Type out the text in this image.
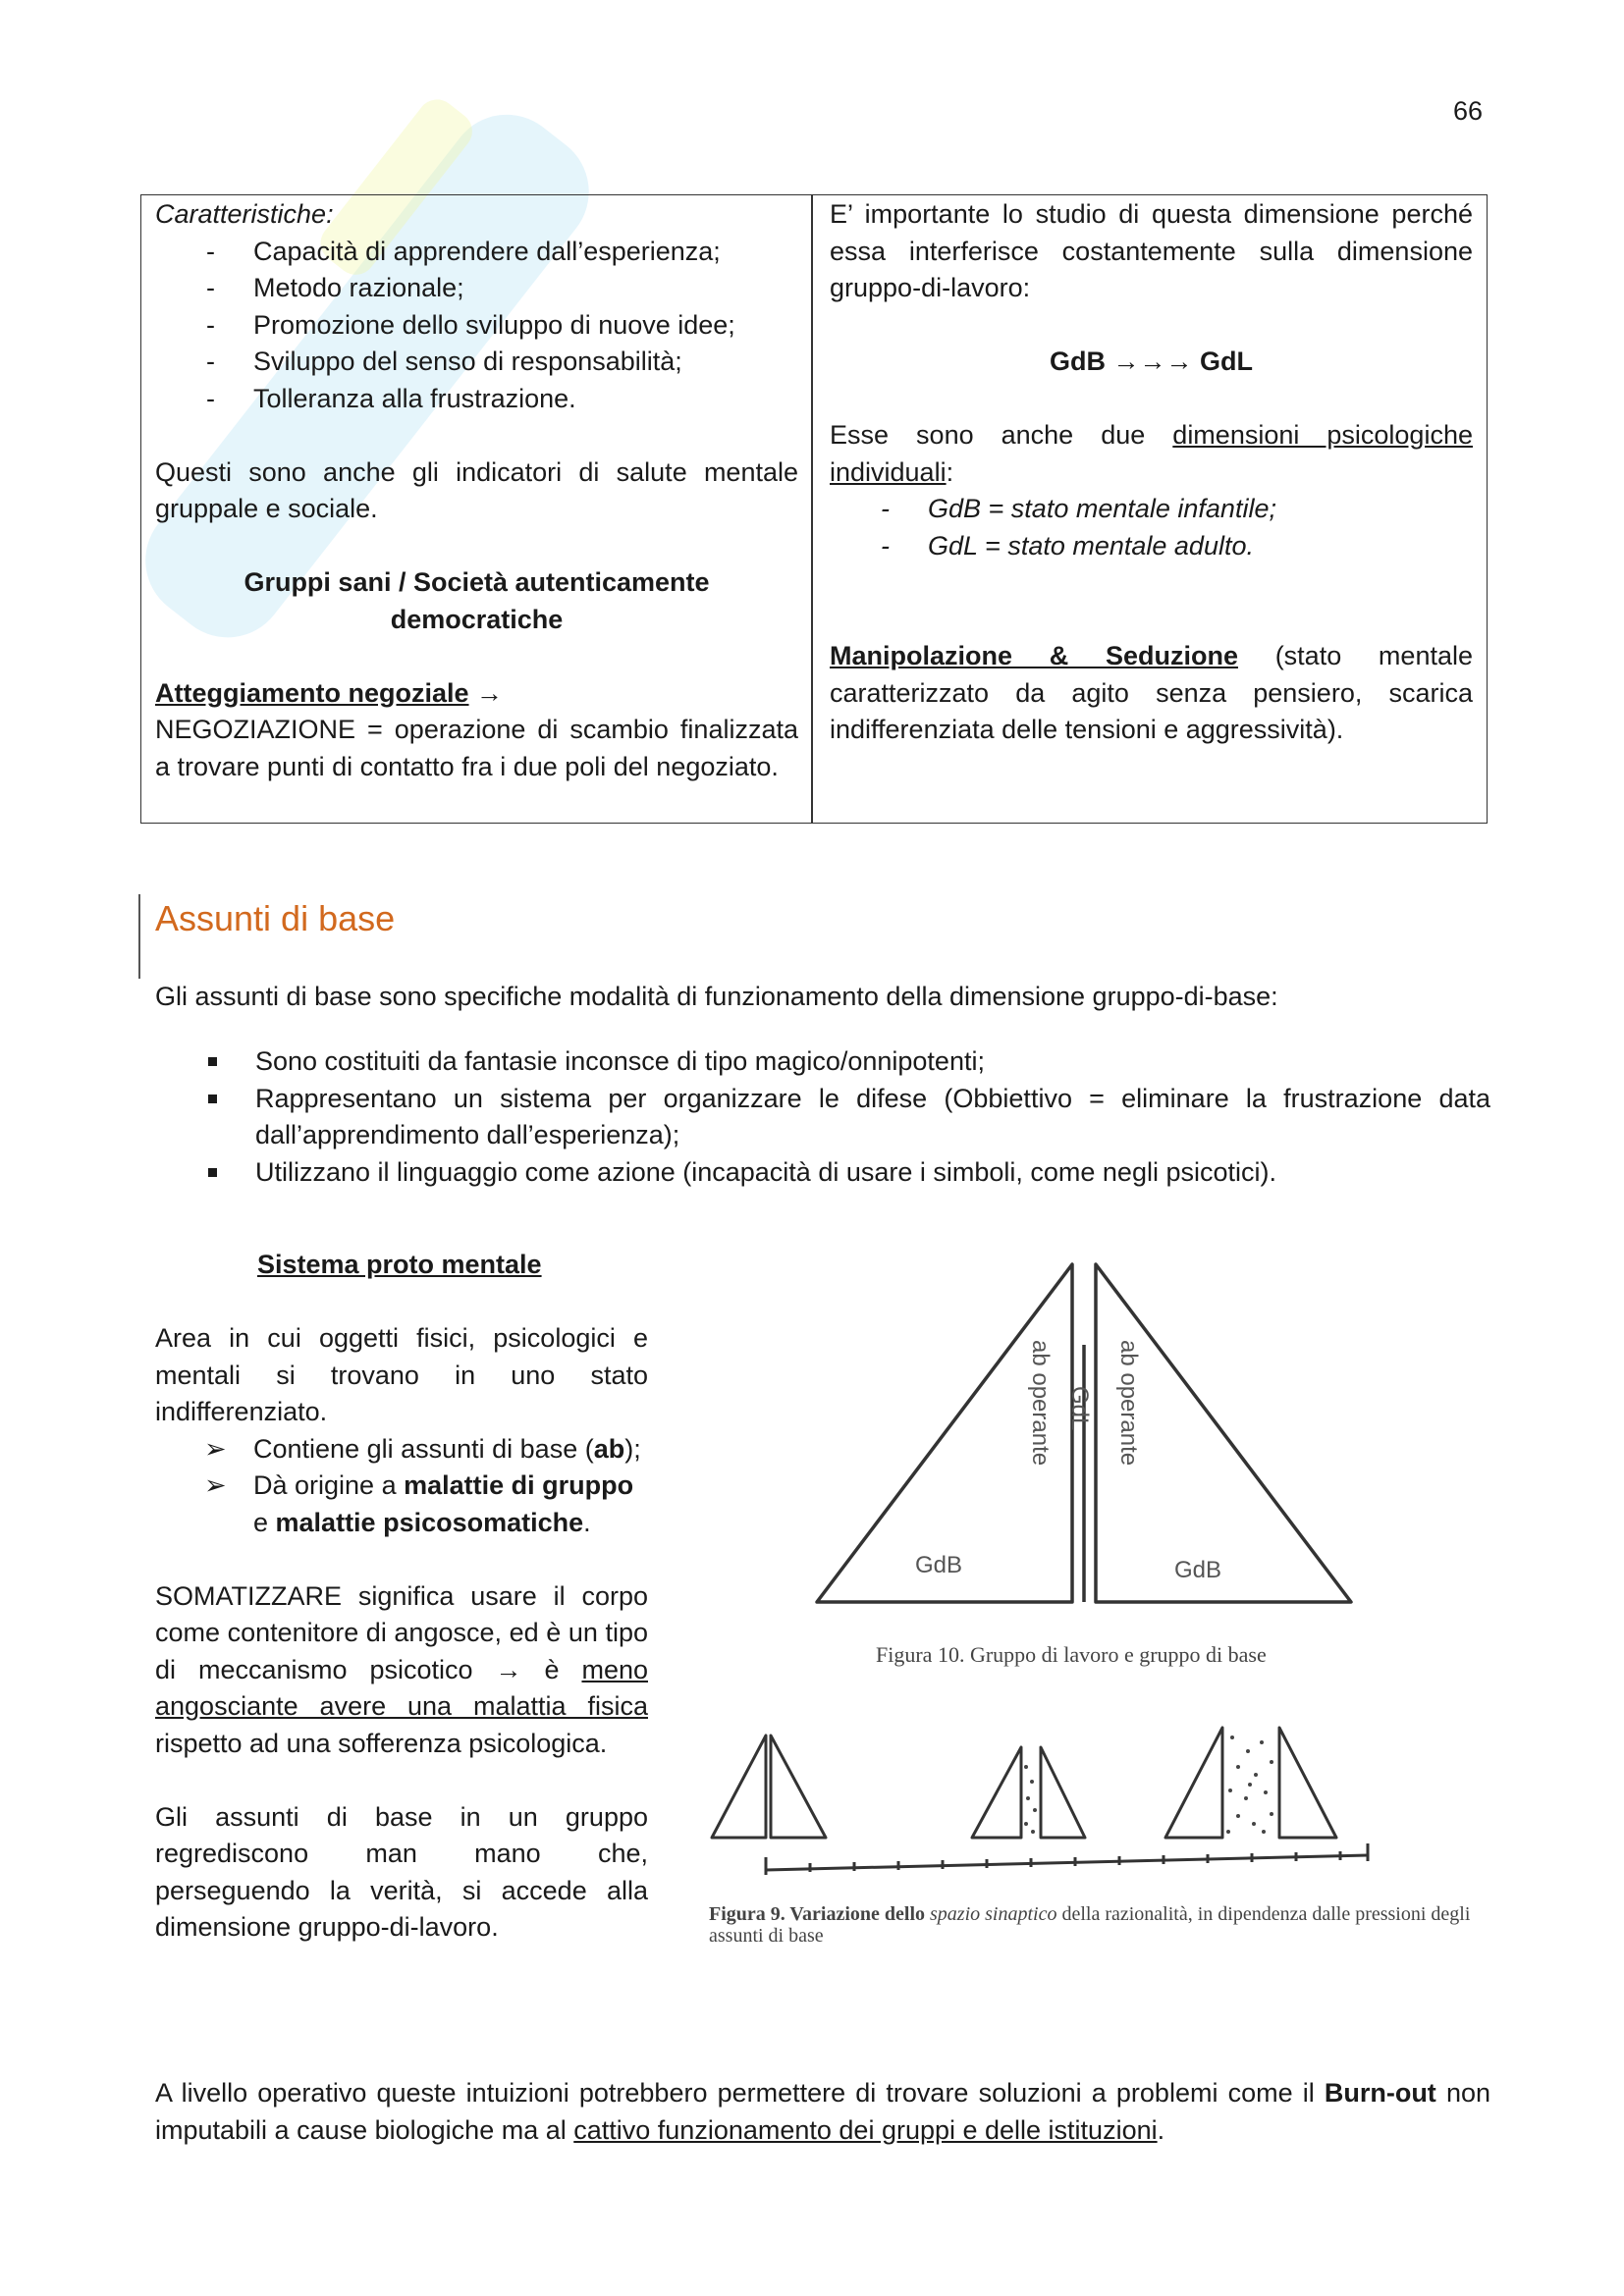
66
Caratteristiche:
- Capacità di apprendere dall’esperienza;
- Metodo razionale;
- Promozione dello sviluppo di nuove idee;
- Sviluppo del senso di responsabilità;
- Tolleranza alla frustrazione.
Questi sono anche gli indicatori di salute mentale gruppale e sociale.
Gruppi sani / Società autenticamente
democratiche
Atteggiamento negoziale →
NEGOZIAZIONE = operazione di scambio finalizzata a trovare punti di contatto fra i due poli del negoziato.
E’ importante lo studio di questa dimensione perché essa interferisce costantemente sulla dimensione gruppo-di-lavoro:
GdB →→→ GdL
Esse sono anche due dimensioni psicologiche individuali:
- GdB = stato mentale infantile;
- GdL = stato mentale adulto.
Manipolazione & Seduzione (stato mentale caratterizzato da agito senza pensiero, scarica indifferenziata delle tensioni e aggressività).
Assunti di base
Gli assunti di base sono specifiche modalità di funzionamento della dimensione gruppo-di-base:
Sono costituiti da fantasie inconsce di tipo magico/onnipotenti;
Rappresentano un sistema per organizzare le difese (Obbiettivo = eliminare la frustrazione data dall’apprendimento dall’esperienza);
Utilizzano il linguaggio come azione (incapacità di usare i simboli, come negli psicotici).
Sistema proto mentale
Area in cui oggetti fisici, psicologici e mentali si trovano in uno stato indifferenziato.
➢ Contiene gli assunti di base (ab);
➢ Dà origine a malattie di gruppo e malattie psicosomatiche.
SOMATIZZARE significa usare il corpo come contenitore di angosce, ed è un tipo di meccanismo psicotico → è meno angosciante avere una malattia fisica rispetto ad una sofferenza psicologica.
Gli assunti di base in un gruppo regrediscono man mano che, perseguendo la verità, si accede alla dimensione gruppo-di-lavoro.
ab operante GdL ab operante
GdB	GdB
Figura 10. Gruppo di lavoro e gruppo di base
Figura 9. Variazione dello spazio sinaptico della razionalità, in dipendenza dalle pressioni degli assunti di base
A livello operativo queste intuizioni potrebbero permettere di trovare soluzioni a problemi come il Burn-out non imputabili a cause biologiche ma al cattivo funzionamento dei gruppi e delle istituzioni.
